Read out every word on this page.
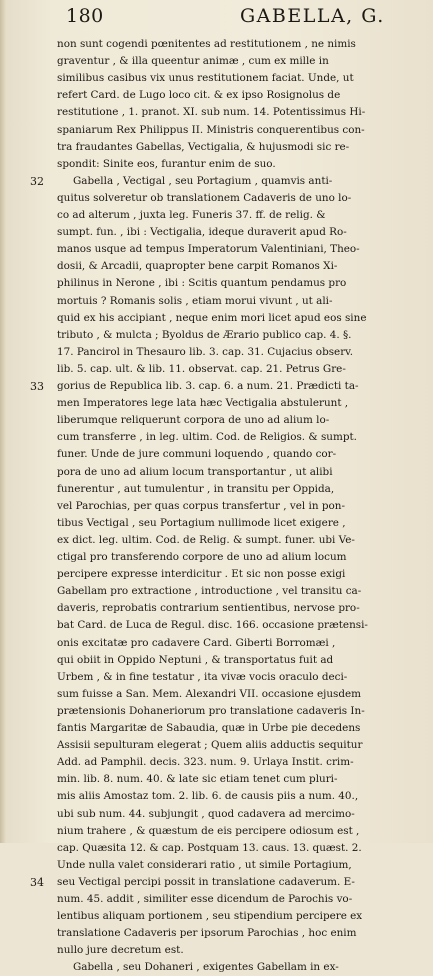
180	GABELLA, G.
non sunt cogendi pœnitentes ad restitutionem , ne nimis
graventur , & illa queentur animæ , cum ex mille in
similibus casibus vix unus restitutionem faciat. Unde, ut
refert Card. de Lugo loco cit. & ex ipso Rosignolus de
restitutione , 1. pranot. XI. sub num. 14. Potentissimus Hi-
spaniarum Rex Philippus II. Ministris conquerentibus con-
tra fraudantes Gabellas, Vectigalia, & hujusmodi sic re-
spondit: Sinite eos, furantur enim de suo.
Gabella , Vectigal , seu Portagium , quamvis anti-
quitus solveretur ob translationem Cadaveris de uno lo-
co ad alterum , juxta leg. Funeris 37. ff. de relig. &
sumpt. fun. , ibi : Vectigalia, ideque duraverit apud Ro-
manos usque ad tempus Imperatorum Valentiniani, Theo-
dosii, & Arcadii, quapropter bene carpit Romanos Xi-
philinus in Nerone , ibi : Scitis quantum pendamus pro
mortuis ? Romanis solis , etiam morui vivunt , ut ali-
quid ex his accipiant , neque enim mori licet apud eos sine
tributo , & mulcta ; Byoldus de Ærario publico cap. 4. §.
17. Pancirol in Thesauro lib. 3. cap. 31. Cujacius observ.
lib. 5. cap. ult. & lib. 11. observat. cap. 21. Petrus Gre-
gorius de Republica lib. 3. cap. 6. a num. 21. Prædicti ta-
men Imperatores lege lata hæc Vectigalia abstulerunt ,
liberumque reliquerunt corpora de uno ad alium lo-
cum transferre , in leg. ultim. Cod. de Religios. & sumpt.
funer. Unde de jure communi loquendo , quando cor-
pora de uno ad alium locum transportantur , ut alibi
funerentur , aut tumulentur , in transitu per Oppida,
vel Parochias, per quas corpus transfertur , vel in pon-
tibus Vectigal , seu Portagium nullimode licet exigere ,
ex dict. leg. ultim. Cod. de Relig. & sumpt. funer. ubi Ve-
ctigal pro transferendo corpore de uno ad alium locum
percipere expresse interdicitur . Et sic non posse exigi
Gabellam pro extractione , introductione , vel transitu ca-
daveris, reprobatis contrarium sentientibus, nervose pro-
bat Card. de Luca de Regul. disc. 166. occasione prætensi-
onis excitatæ pro cadavere Card. Giberti Borromæi ,
qui obiit in Oppido Neptuni , & transportatus fuit ad
Urbem , & in fine testatur , ita vivæ vocis oraculo deci-
sum fuisse a San. Mem. Alexandri VII. occasione ejusdem
prætensionis Dohaneriorum pro translatione cadaveris In-
fantis Margaritæ de Sabaudia, quæ in Urbe pie decedens
Assisii sepulturam elegerat ; Quem aliis adductis sequitur
Add. ad Pamphil. decis. 323. num. 9. Urlaya Instit. crim-
min. lib. 8. num. 40. & late sic etiam tenet cum pluri-
mis aliis Amostaz tom. 2. lib. 6. de causis piis a num. 40.,
ubi sub num. 44. subjungit , quod cadavera ad mercimo-
nium trahere , & quæstum de eis percipere odiosum est ,
cap. Quæsita 12. & cap. Postquam 13. caus. 13. quæst. 2.
Unde nulla valet considerari ratio , ut simile Portagium,
seu Vectigal percipi possit in translatione cadaverum. E-
num. 45. addit , similiter esse dicendum de Parochis vo-
lentibus aliquam portionem , seu stipendium percipere ex
translatione Cadaveris per ipsorum Parochias , hoc enim
nullo jure decretum est.
Gabella , seu Dohaneri , exigentes Gabellam in ex-
32
33
34
